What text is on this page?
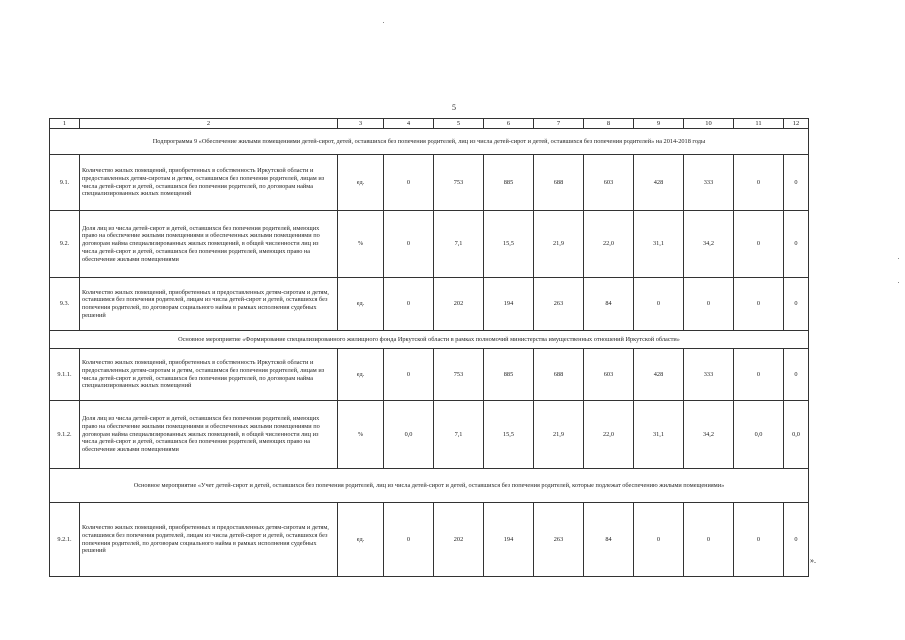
5
1	2	3	4	5	6	7	8	9	10	11	12
Подпрограмма 9 «Обеспечение жилыми помещениями детей-сирот, детей, оставшихся без попечения родителей, лиц из числа детей-сирот и детей, оставшихся без попечения родителей» на 2014-2018 годы											
9.1.	Количество жилых помещений, приобретенных в собственность Иркутской области и предоставленных детям-сиротам и детям, оставшимся без попечения родителей, лицам из числа детей-сирот и детей, оставшихся без попечения родителей, по договорам найма специализированных жилых помещений	ед.	0	753	885	688	603	428	333	0	0
9.2.	Доля лиц из числа детей-сирот и детей, оставшихся без попечения родителей, имеющих право на обеспечение жилыми помещениями и обеспеченных жилыми помещениями по договорам найма специализированных жилых помещений, в общей численности лиц из числа детей-сирот и детей, оставшихся без попечения родителей, имеющих право на обеспечение жилыми помещениями	%	0	7,1	15,5	21,9	22,0	31,1	34,2	0	0
9.3.	Количество жилых помещений, приобретенных и предоставленных детям-сиротам и детям, оставшимся без попечения родителей, лицам из числа детей-сирот и детей, оставшихся без попечения родителей, по договорам социального найма в рамках исполнения судебных решений	ед.	0	202	194	263	84	0	0	0	0
Основное мероприятие «Формирование специализированного жилищного фонда Иркутской области в рамках полномочий министерства имущественных отношений Иркутской области»											
9.1.1.	Количество жилых помещений, приобретенных в собственность Иркутской области и предоставленных детям-сиротам и детям, оставшимся без попечения родителей, лицам из числа детей-сирот и детей, оставшихся без попечения родителей, по договорам найма специализированных жилых помещений	ед.	0	753	885	688	603	428	333	0	0
9.1.2.	Доля лиц из числа детей-сирот и детей, оставшихся без попечения родителей, имеющих право на обеспечение жилыми помещениями и обеспеченных жилыми помещениями по договорам найма специализированных жилых помещений, в общей численности лиц из числа детей-сирот и детей, оставшихся без попечения родителей, имеющих право на обеспечение жилыми помещениями	%	0,0	7,1	15,5	21,9	22,0	31,1	34,2	0,0	0,0
Основное мероприятие «Учет детей-сирот и детей, оставшихся без попечения родителей, лиц из числа детей-сирот и детей, оставшихся без попечения родителей, которые подлежат обеспечению жилыми помещениями»											
9.2.1.	Количество жилых помещений, приобретенных и предоставленных детям-сиротам и детям, оставшимся без попечения родителей, лицам из числа детей-сирот и детей, оставшихся без попечения родителей, по договорам социального найма в рамках исполнения судебных решений	ед.	0	202	194	263	84	0	0	0	0
».
